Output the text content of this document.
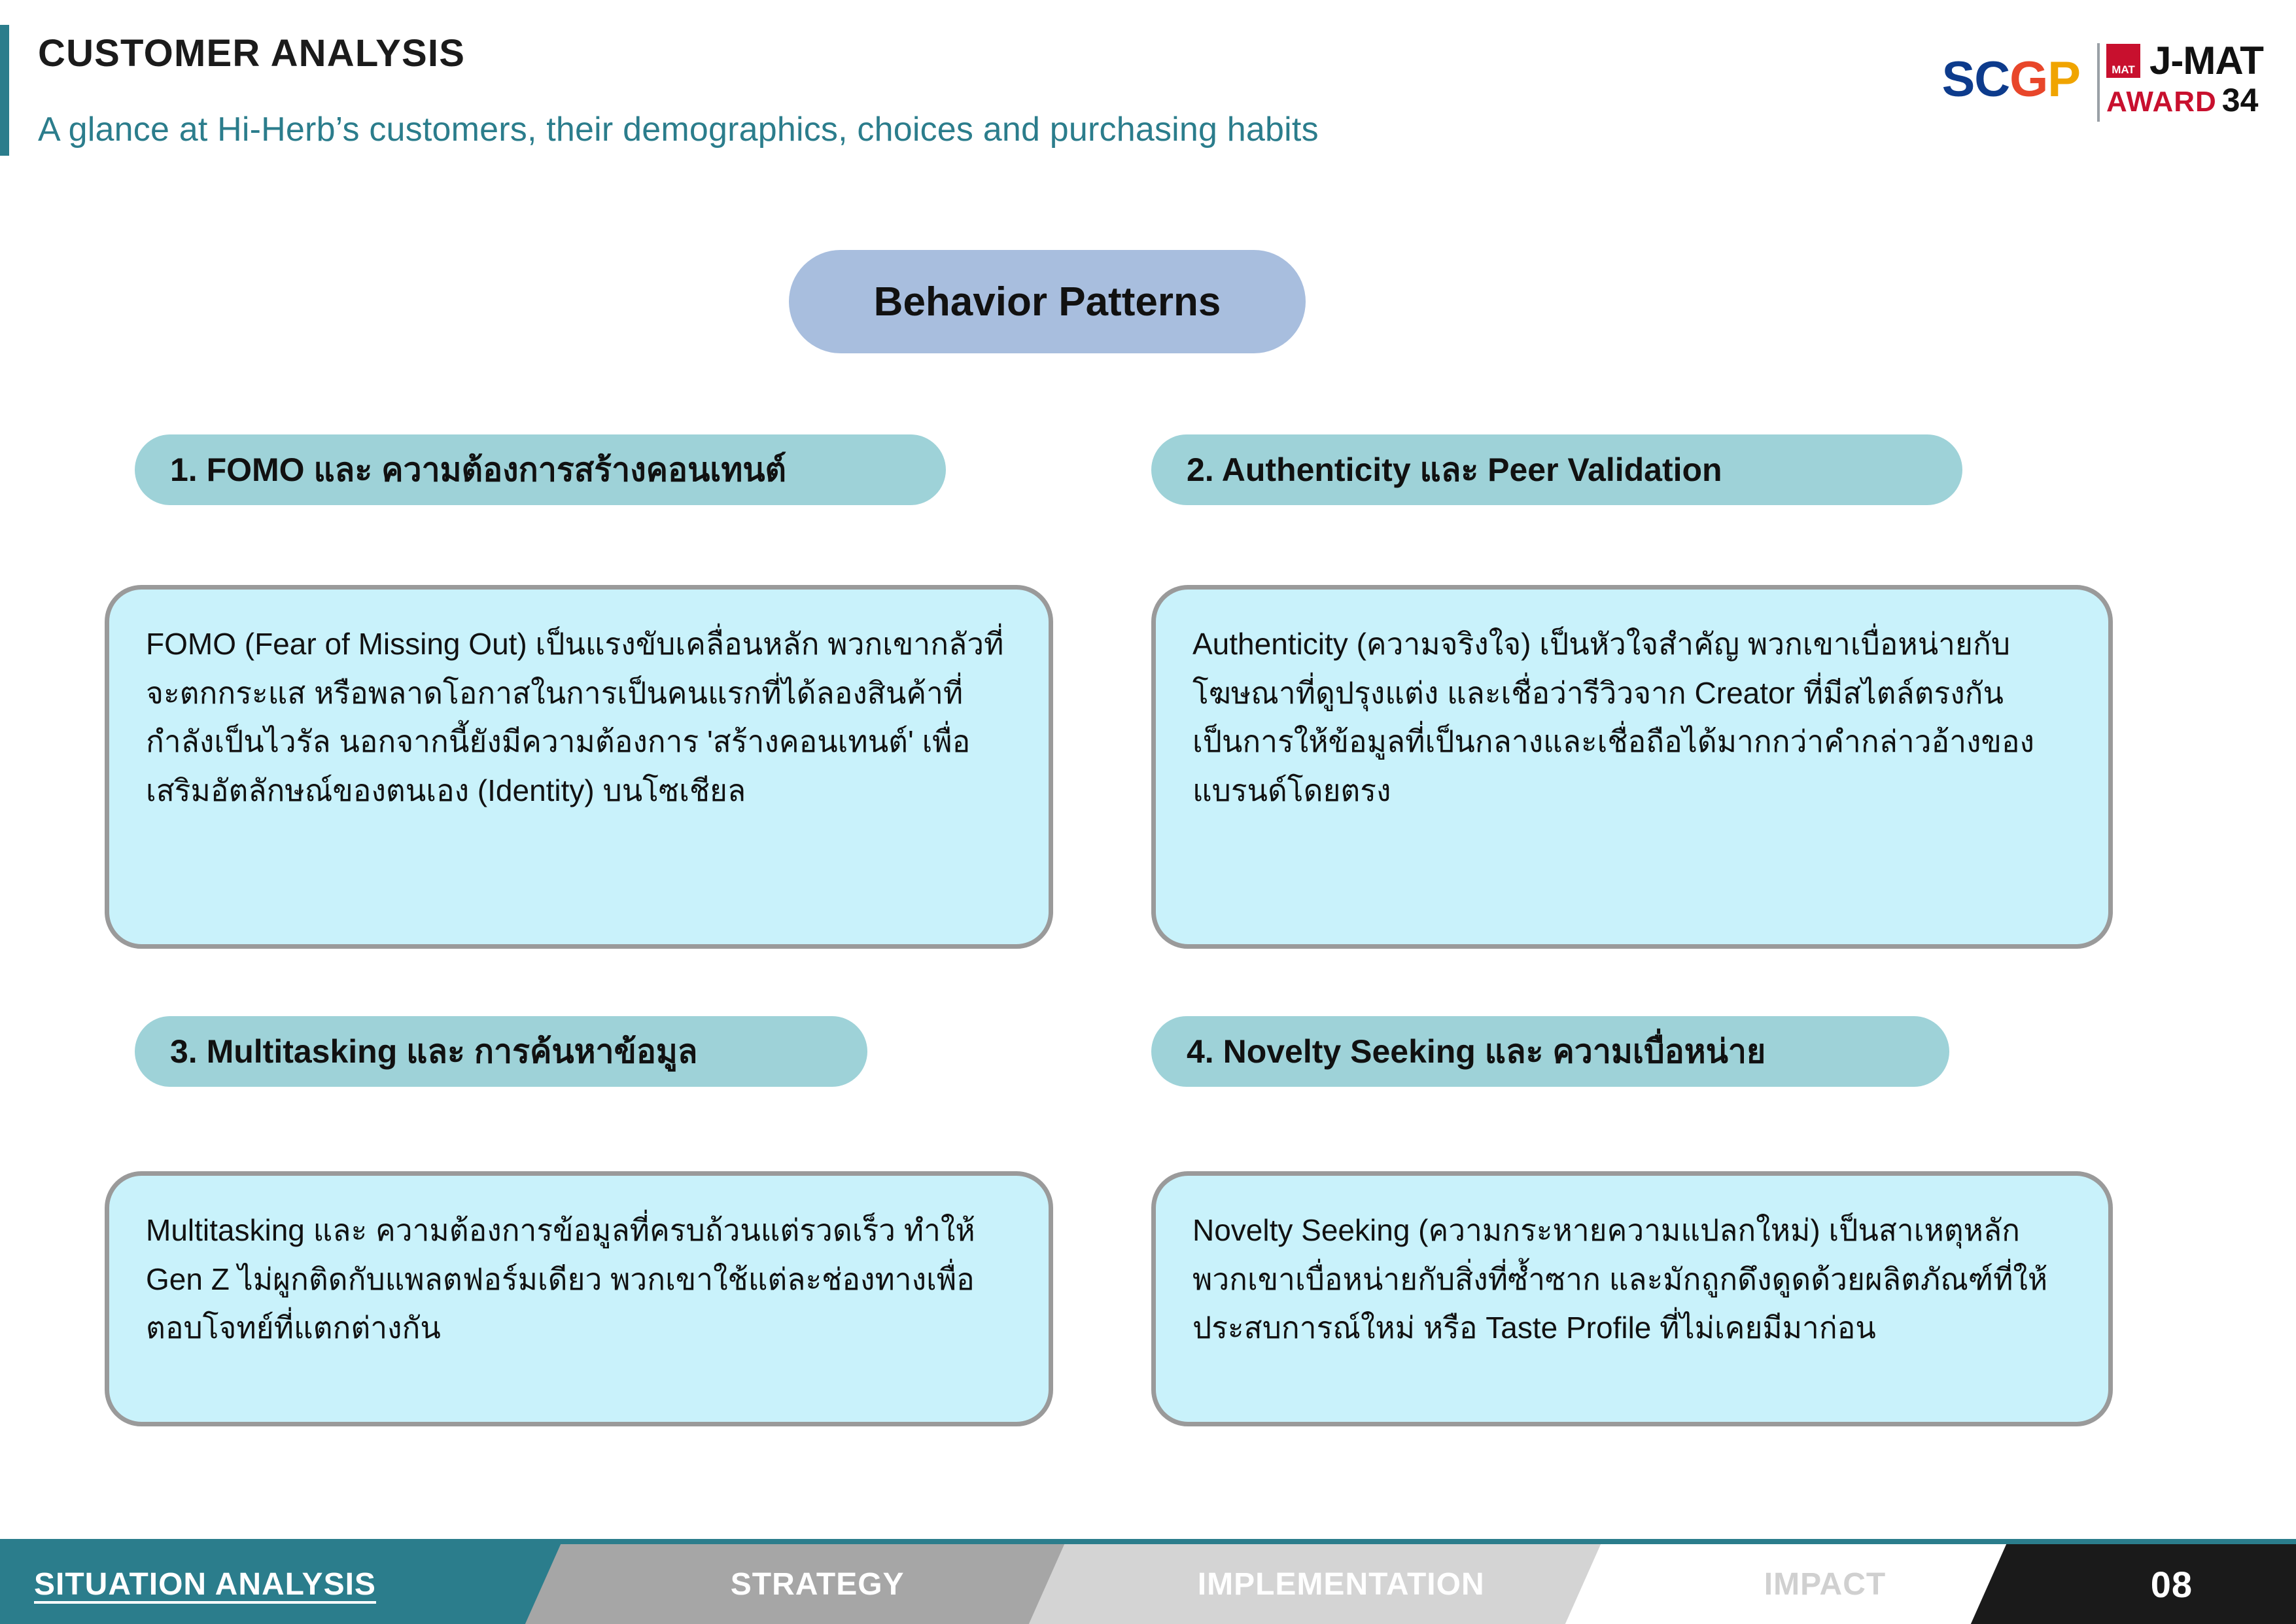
CUSTOMER ANALYSIS
A glance at Hi-Herb’s customers, their demographics, choices and purchasing habits
SCGP	MAT J-MAT
AWARD 34
Behavior Patterns
1. FOMO และ ความต้องการสร้างคอนเทนต์
FOMO (Fear of Missing Out) เป็นแรงขับเคลื่อนหลัก พวกเขากลัวที่จะตกกระแส หรือพลาดโอกาสในการเป็นคนแรกที่ได้ลองสินค้าที่กำลังเป็นไวรัล นอกจากนี้ยังมีความต้องการ 'สร้างคอนเทนต์' เพื่อเสริมอัตลักษณ์ของตนเอง (Identity) บนโซเชียล
2. Authenticity และ Peer Validation
Authenticity (ความจริงใจ) เป็นหัวใจสำคัญ พวกเขาเบื่อหน่ายกับโฆษณาที่ดูปรุงแต่ง และเชื่อว่ารีวิวจาก Creator ที่มีสไตล์ตรงกัน เป็นการให้ข้อมูลที่เป็นกลางและเชื่อถือได้มากกว่าคำกล่าวอ้างของแบรนด์โดยตรง
3. Multitasking และ การค้นหาข้อมูล
Multitasking และ ความต้องการข้อมูลที่ครบถ้วนแต่รวดเร็ว ทำให้ Gen Z ไม่ผูกติดกับแพลตฟอร์มเดียว พวกเขาใช้แต่ละช่องทางเพื่อตอบโจทย์ที่แตกต่างกัน
4. Novelty Seeking และ ความเบื่อหน่าย
Novelty Seeking (ความกระหายความแปลกใหม่) เป็นสาเหตุหลัก พวกเขาเบื่อหน่ายกับสิ่งที่ซ้ำซาก และมักถูกดึงดูดด้วยผลิตภัณฑ์ที่ให้ ประสบการณ์ใหม่ หรือ Taste Profile ที่ไม่เคยมีมาก่อน
SITUATION ANALYSIS	STRATEGY	IMPLEMENTATION	IMPACT	08
